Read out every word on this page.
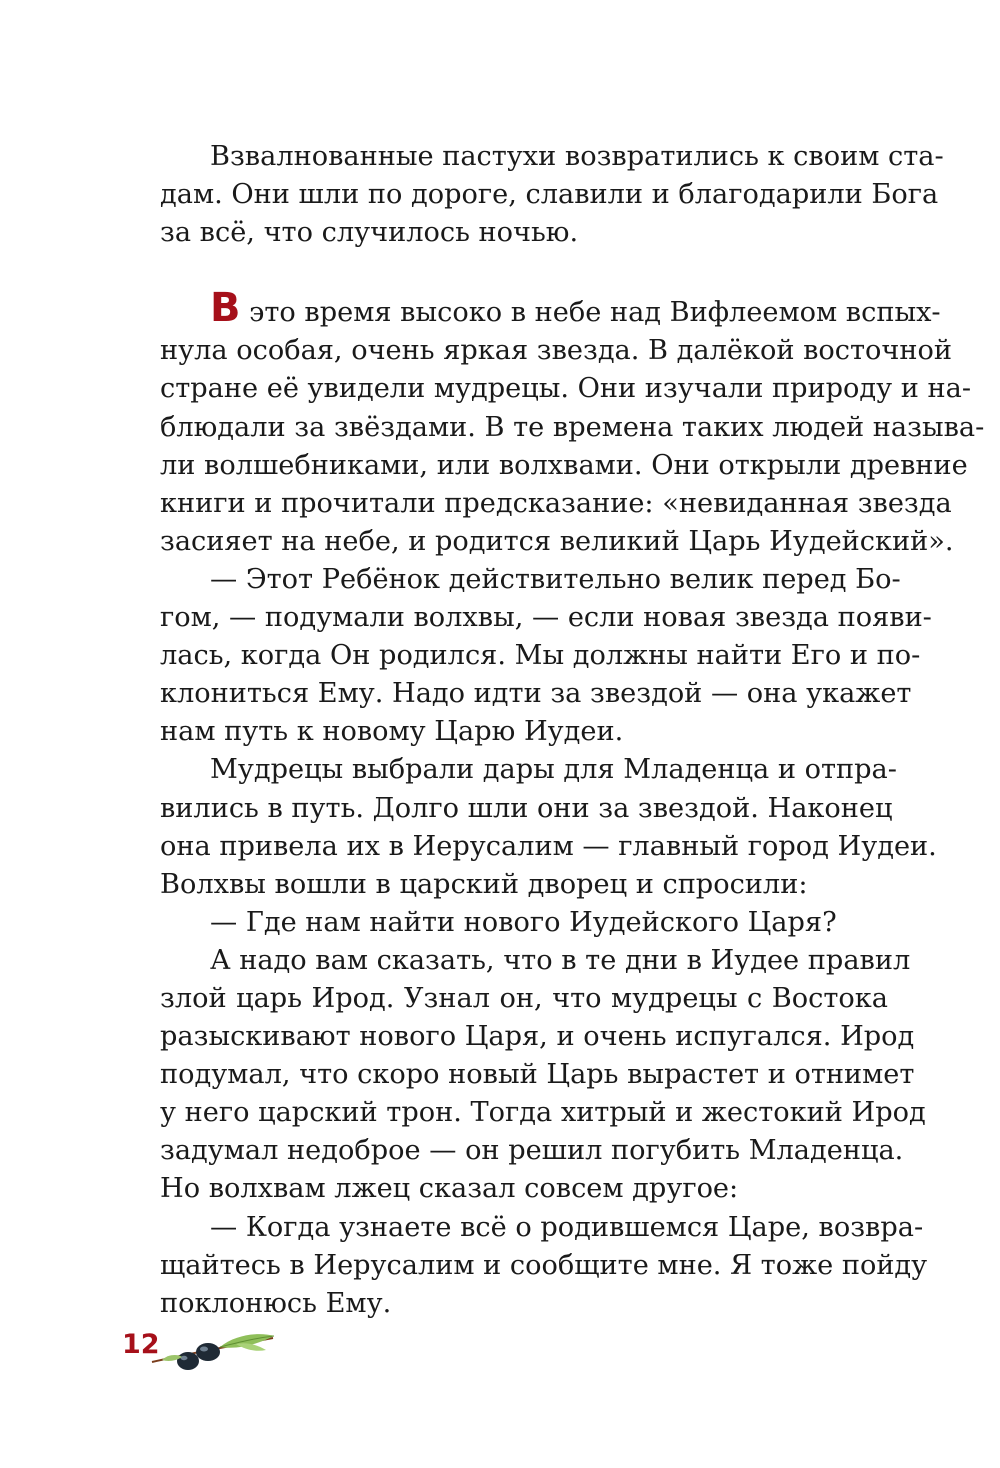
Взвалнованные пастухи возвратились к своим ста-
дам. Они шли по дороге, славили и благодарили Бога
за всё, что случилось ночью.

В это время высоко в небе над Вифлеемом вспых-
нула особая, очень яркая звезда. В далёкой восточной
стране её увидели мудрецы. Они изучали природу и на-
блюдали за звёздами. В те времена таких людей называ-
ли волшебниками, или волхвами. Они открыли древние
книги и прочитали предсказание: «невиданная звезда
засияет на небе, и родится великий Царь Иудейский».
— Этот Ребёнок действительно велик перед Бо-
гом, — подумали волхвы, — если новая звезда появи-
лась, когда Он родился. Мы должны найти Его и по-
клониться Ему. Надо идти за звездой — она укажет
нам путь к новому Царю Иудеи.
Мудрецы выбрали дары для Младенца и отпра-
вились в путь. Долго шли они за звездой. Наконец
она привела их в Иерусалим — главный город Иудеи.
Волхвы вошли в царский дворец и спросили:
— Где нам найти нового Иудейского Царя?
А надо вам сказать, что в те дни в Иудее правил
злой царь Ирод. Узнал он, что мудрецы с Востока
разыскивают нового Царя, и очень испугался. Ирод
подумал, что скоро новый Царь вырастет и отнимет
у него царский трон. Тогда хитрый и жестокий Ирод
задумал недоброе — он решил погубить Младенца.
Но волхвам лжец сказал совсем другое:
— Когда узнаете всё о родившемся Царе, возвра-
щайтесь в Иерусалим и сообщите мне. Я тоже пойду
поклонюсь Ему.

12
